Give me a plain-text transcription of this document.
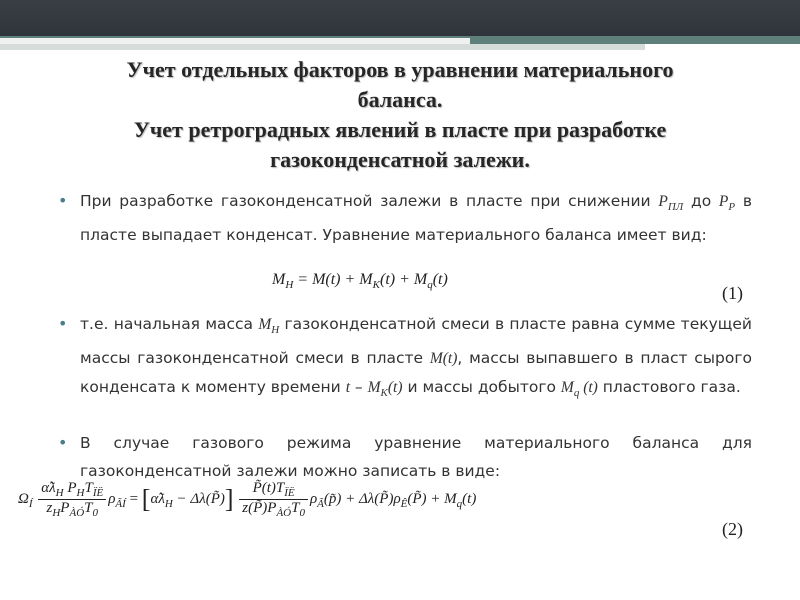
Учет отдельных факторов в уравнении материального
баланса.
Учет ретроградных явлений в пласте при разработке
газоконденсатной залежи.
• При разработке газоконденсатной залежи в пласте при снижении $P_{ПЛ}$ до $P_P$ в пласте выпадает конденсат. Уравнение материального баланса имеет вид:
$M_H = M(t) + M_K(t) + M_q(t)$
(1)
• т.е. начальная масса $M_H$ газоконденсатной смеси в пласте равна сумме текущей массы газоконденсатной смеси в пласте M(t), массы выпавшего в пласт сырого конденсата к моменту времени t – $M_K(t)$ и массы добытого $M_q$ (t) пластового газа.
• В случае газового режима уравнение материального баланса для газоконденсатной залежи можно записать в виде:
$\Omega_Í \frac{\alphã\lambda_H P_HT_{ÏË}}{z_HP_{ÀÓ}T_0} \rho_{ÃÍ}$ = [$\alphã\lambda_H$ − Δλ(P̃)] $\frac{P̃(t)T_{ÏË}}{z(P̃)P_{ÀÓ}T_0}$ $\rho_Ã(p̃)$ + $\Delta\lambda(P̃)\rho_Ê(P̃) + M_q(t)$
(2)
